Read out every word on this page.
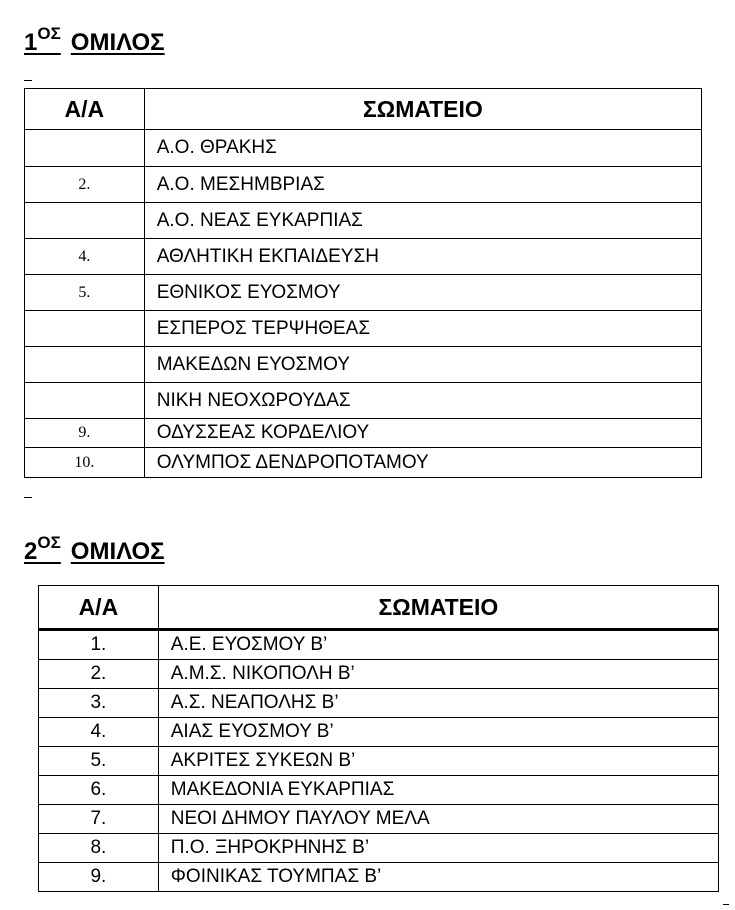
$1^{O\Sigma}$ ΟΜΙΛΟΣ
Α/Α	ΣΩΜΑΤΕΙΟ
	Α.Ο. ΘΡΑΚΗΣ
2.	Α.Ο. ΜΕΣΗΜΒΡΙΑΣ
	Α.Ο. ΝΕΑΣ ΕΥΚΑΡΠΙΑΣ
4.	ΑΘΛΗΤΙΚΗ ΕΚΠΑΙΔΕΥΣΗ
5.	ΕΘΝΙΚΟΣ ΕΥΟΣΜΟΥ
	ΕΣΠΕΡΟΣ ΤΕΡΨΗΘΕΑΣ
	ΜΑΚΕΔΩΝ ΕΥΟΣΜΟΥ
	ΝΙΚΗ ΝΕΟΧΩΡΟΥΔΑΣ
9.	ΟΔΥΣΣΕΑΣ ΚΟΡΔΕΛΙΟΥ
10.	ΟΛΥΜΠΟΣ ΔΕΝΔΡΟΠΟΤΑΜΟΥ
$2^{O\Sigma}$ ΟΜΙΛΟΣ
Α/Α	ΣΩΜΑΤΕΙΟ
1.	Α.Ε. ΕΥΟΣΜΟΥ Β’
2.	Α.Μ.Σ. ΝΙΚΟΠΟΛΗ Β’
3.	Α.Σ. ΝΕΑΠΟΛΗΣ Β’
4.	ΑΙΑΣ ΕΥΟΣΜΟΥ Β’
5.	ΑΚΡΙΤΕΣ ΣΥΚΕΩΝ Β’
6.	ΜΑΚΕΔΟΝΙΑ ΕΥΚΑΡΠΙΑΣ
7.	ΝΕΟΙ ΔΗΜΟΥ ΠΑΥΛΟΥ ΜΕΛΑ
8.	Π.Ο. ΞΗΡΟΚΡΗΝΗΣ Β’
9.	ΦΟΙΝΙΚΑΣ ΤΟΥΜΠΑΣ Β’
